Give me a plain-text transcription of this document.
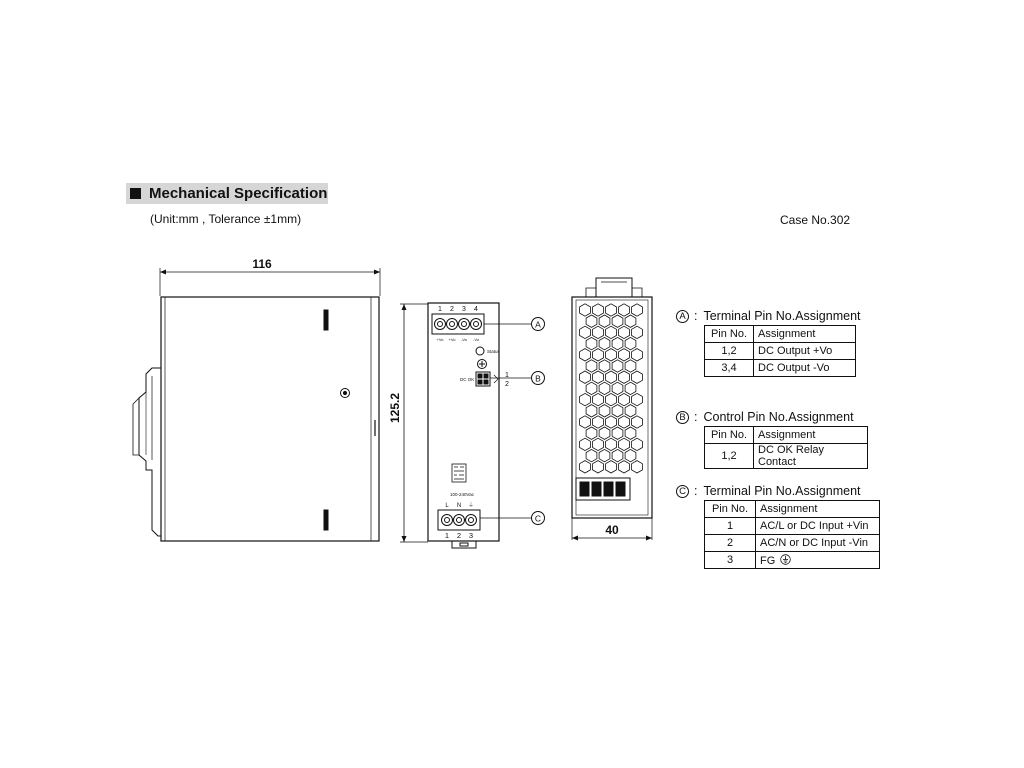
Mechanical Specification
(Unit:mm , Tolerance ±1mm)	Case No.302
116
125.2
1 2 3 4
+Vo +Vo -Vo -Vo
Status
DC OK
1
2
100-240Vac
L N ⏚
1 2 3
A
B
C
40
A : Terminal Pin No.Assignment
Pin No.	Assignment
1,2	DC Output +Vo
3,4	DC Output -Vo
B : Control Pin No.Assignment
Pin No.	Assignment
1,2	DC OK Relay Contact
C : Terminal Pin No.Assignment
Pin No.	Assignment
1	AC/L or DC Input +Vin
2	AC/N or DC Input -Vin
3	FG
